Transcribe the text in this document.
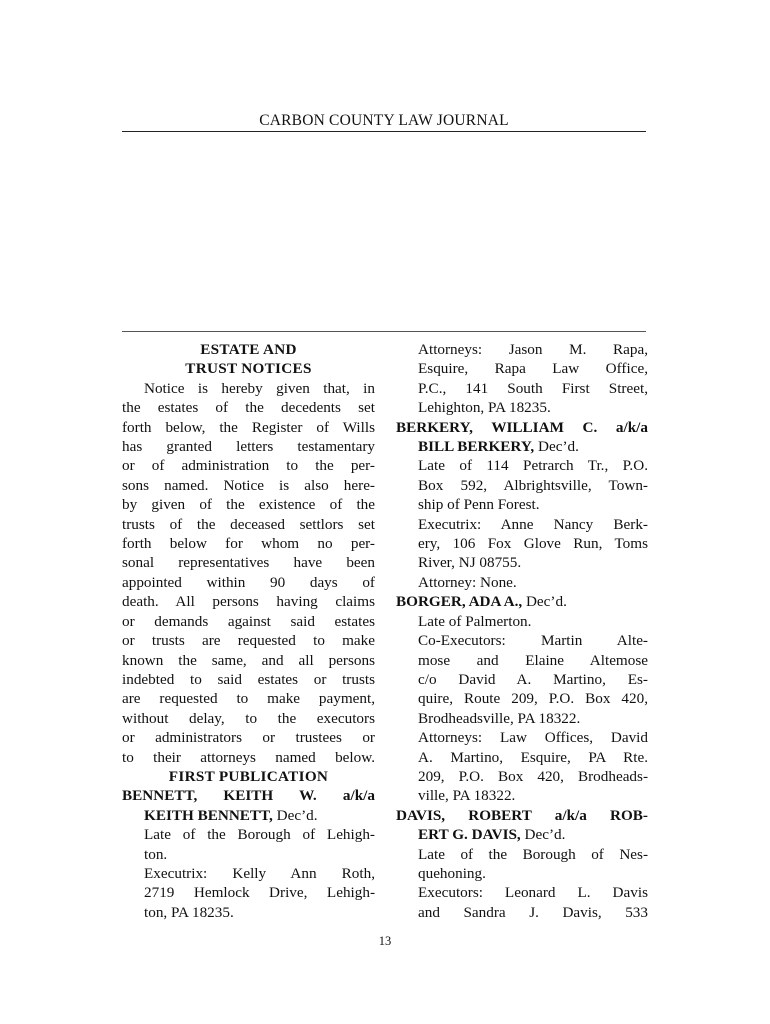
CARBON COUNTY LAW JOURNAL
ESTATE AND
TRUST NOTICES
Notice is hereby given that, in
the estates of the decedents set
forth below, the Register of Wills
has granted letters testamentary
or of administration to the per-
sons named. Notice is also here-
by given of the existence of the
trusts of the deceased settlors set
forth below for whom no per-
sonal representatives have been
appointed within 90 days of
death. All persons having claims
or demands against said estates
or trusts are requested to make
known the same, and all persons
indebted to said estates or trusts
are requested to make payment,
without delay, to the executors
or administrators or trustees or
to their attorneys named below.
FIRST PUBLICATION
BENNETT, KEITH W. a/k/a
KEITH BENNETT, Dec’d.
Late of the Borough of Lehigh-
ton.
Executrix: Kelly Ann Roth,
2719 Hemlock Drive, Lehigh-
ton, PA 18235.
Attorneys: Jason M. Rapa,
Esquire, Rapa Law Office,
P.C., 141 South First Street,
Lehighton, PA 18235.
BERKERY, WILLIAM C. a/k/a
BILL BERKERY, Dec’d.
Late of 114 Petrarch Tr., P.O.
Box 592, Albrightsville, Town-
ship of Penn Forest.
Executrix: Anne Nancy Berk-
ery, 106 Fox Glove Run, Toms
River, NJ 08755.
Attorney: None.
BORGER, ADA A., Dec’d.
Late of Palmerton.
Co-Executors: Martin Alte-
mose and Elaine Altemose
c/o David A. Martino, Es-
quire, Route 209, P.O. Box 420,
Brodheadsville, PA 18322.
Attorneys: Law Offices, David
A. Martino, Esquire, PA Rte.
209, P.O. Box 420, Brodheads-
ville, PA 18322.
DAVIS, ROBERT a/k/a ROB-
ERT G. DAVIS, Dec’d.
Late of the Borough of Nes-
quehoning.
Executors: Leonard L. Davis
and Sandra J. Davis, 533
13
